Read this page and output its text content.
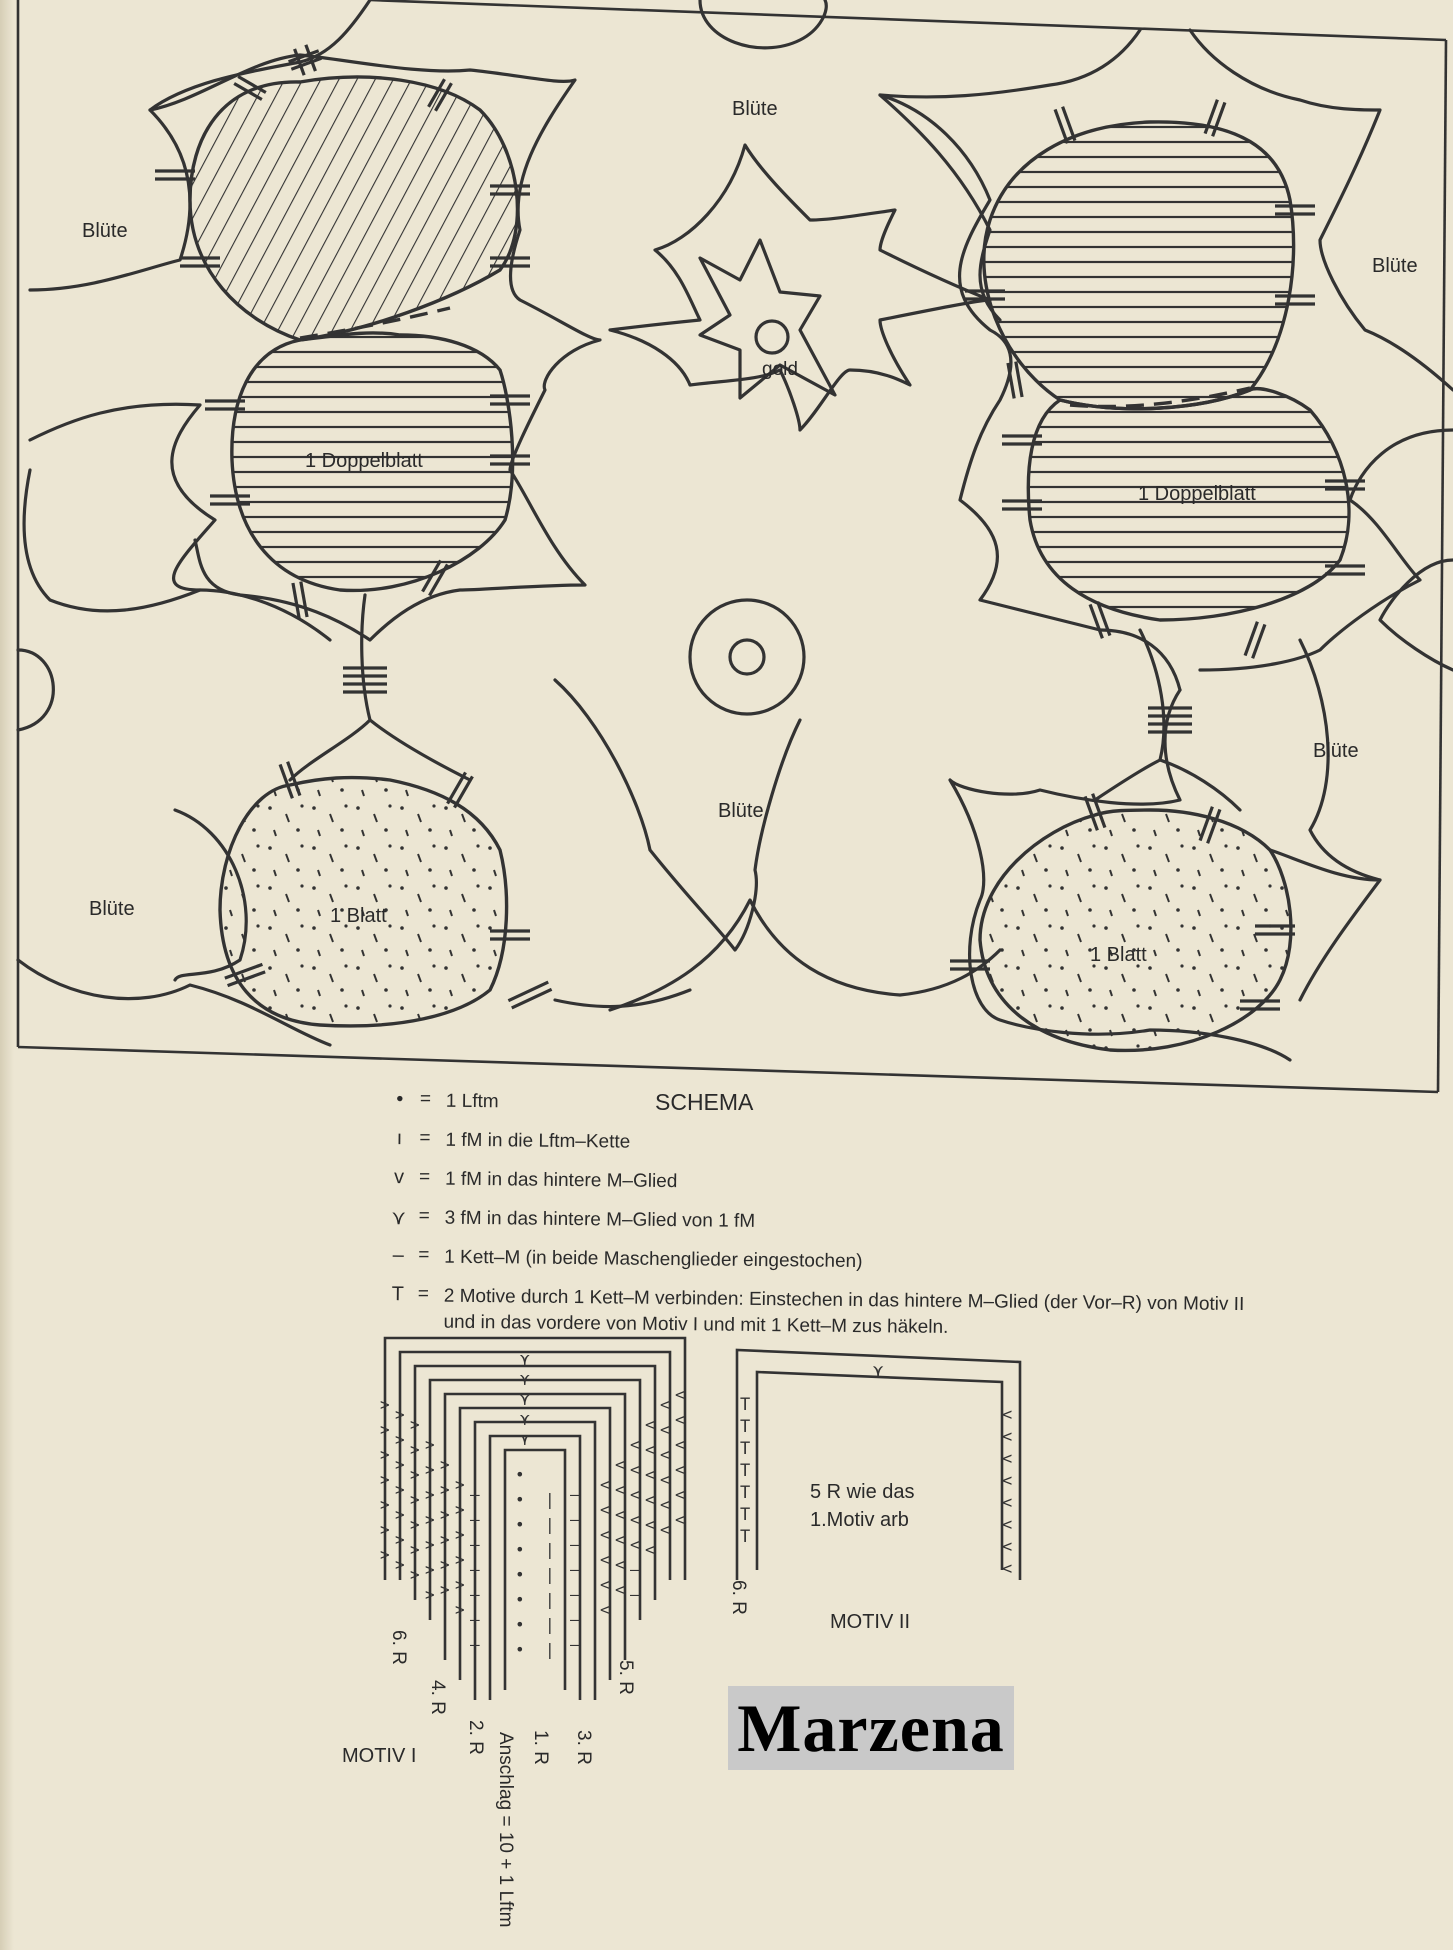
Blüte
Blüte
Blüte
gold
1 Doppelblatt
1 Doppelblatt
Blüte
Blüte
Blüte	1 Blatt
1 Blatt
SCHEMA
>
>
>
>
>
>
>
>
>
>
>
>
>
>
>
>
>
>
>
>
>
>
>
>
>
>
>
>
>
>
>
>
>
>
>
>
>
>
>
>
—
—
—
—
—
—
—
|
|
|
|
|
|
|
•
•
•
•
•
•
•
•
|
|
|
|
|
|
|
—
—
—
—
—
—
—
<
<
<
<
<
<
<
<
<
<
<
<
<
<
<
<
<
—
—
<
<
<
<
<
<
<
<
<
<
<
<
<
<
<
<
<
<
⋎
⋎
⋎
⋎
⋎
6. R
4. R
2. R 1. R 3. R
5. R
Anschlag = 10 + 1 Lftm
MOTIV I
T
T
T
T
T
T
T
<
<
<
<
<
<
<
<
⋎
5 R wie das
1.Motiv arb
6. R
MOTIV II
• = 1 Lftm
ı = 1 fM in die Lftm–Kette
v = 1 fM in das hintere M–Glied
⋎ = 3 fM in das hintere M–Glied von 1 fM
– = 1 Kett–M (in beide Maschenglieder eingestochen)
T = 2 Motive durch 1 Kett–M verbinden: Einstechen in das hintere M–Glied (der Vor–R) von Motiv II und in das vordere von Motiv I und mit 1 Kett–M zus häkeln.
Marzena
